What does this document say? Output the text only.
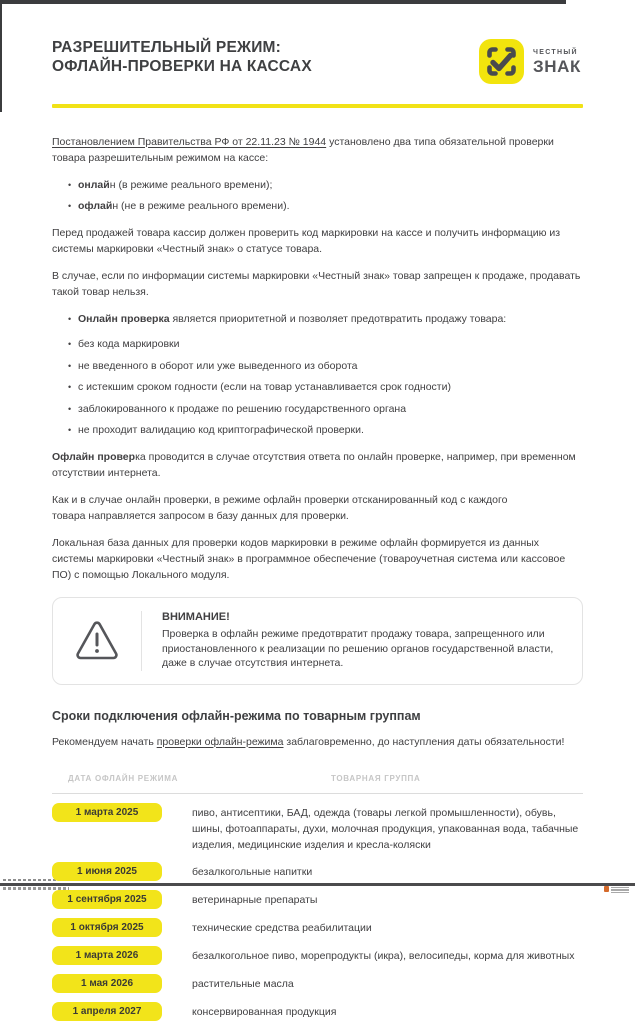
РАЗРЕШИТЕЛЬНЫЙ РЕЖИМ:
ОФЛАЙН-ПРОВЕРКИ НА КАССАХ
ЧЕСТНЫЙ
ЗНАК

Постановлением Правительства РФ от 22.11.23 № 1944 установлено два типа обязательной проверки товара разрешительным режимом на кассе:

• онлайн (в режиме реального времени);
• офлайн (не в режиме реального времени).

Перед продажей товара кассир должен проверить код маркировки на кассе и получить информацию из системы маркировки «Честный знак» о статусе товара.

В случае, если по информации системы маркировки «Честный знак» товар запрещен к продаже, продавать такой товар нельзя.

• Онлайн проверка является приоритетной и позволяет предотвратить продажу товара:
• без кода маркировки
• не введенного в оборот или уже выведенного из оборота
• с истекшим сроком годности (если на товар устанавливается срок годности)
• заблокированного к продаже по решению государственного органа
• не проходит валидацию код криптографической проверки.

Офлайн проверка проводится в случае отсутствия ответа по онлайн проверке, например, при временном отсутствии интернета.

Как и в случае онлайн проверки, в режиме офлайн проверки отсканированный код с каждого товара направляется запросом в базу данных для проверки.

Локальная база данных для проверки кодов маркировки в режиме офлайн формируется из данных системы маркировки «Честный знак» в программное обеспечение (товароучетная система или кассовое ПО) с помощью Локального модуля.

ВНИМАНИЕ!
Проверка в офлайн режиме предотвратит продажу товара, запрещенного или приостановленного к реализации по решению органов государственной власти, даже в случае отсутствия интернета.
Сроки подключения офлайн-режима по товарным группам

Рекомендуем начать проверки офлайн-режима заблаговременно, до наступления даты обязательности!

ДАТА ОФЛАЙН РЕЖИМА	ТОВАРНАЯ ГРУППА
1 марта 2025	пиво, антисептики, БАД, одежда (товары легкой промышленности), обувь, шины, фотоаппараты, духи, молочная продукция, упакованная вода, табачные изделия, медицинские изделия и кресла-коляски
1 июня 2025	безалкогольные напитки
1 сентября 2025	ветеринарные препараты
1 октября 2025	технические средства реабилитации
1 марта 2026	безалкогольное пиво, морепродукты (икра), велосипеды, корма для животных
1 мая 2026	растительные масла
1 апреля 2027	консервированная продукция
